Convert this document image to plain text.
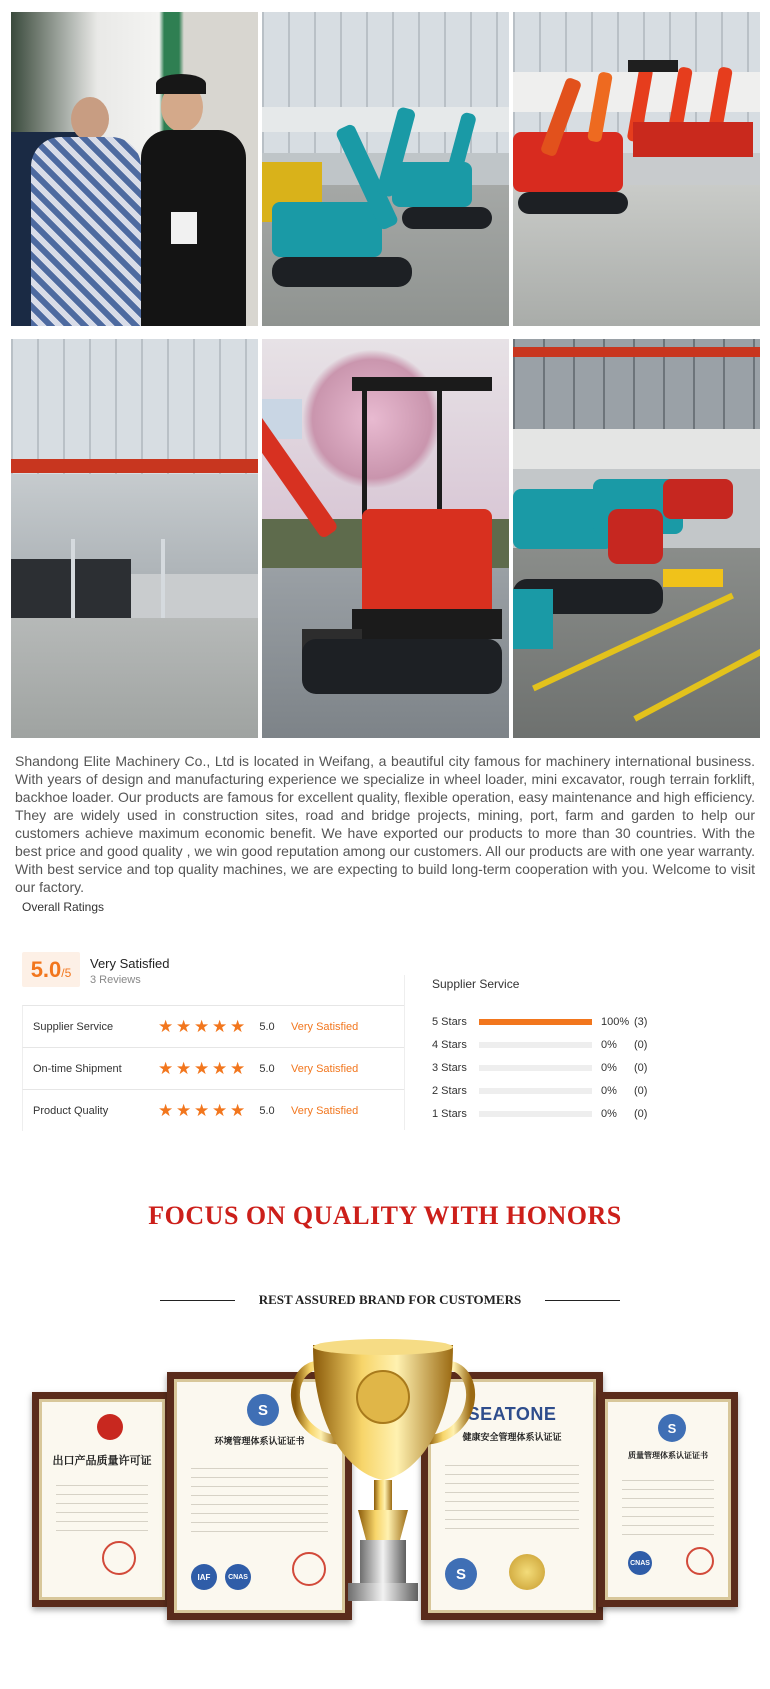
Shandong Elite Machinery Co., Ltd is located in Weifang, a beautiful city famous for machinery international business. With years of design and manufacturing experience we specialize in wheel loader, mini excavator, rough terrain forklift, backhoe loader. Our products are famous for excellent quality, flexible operation, easy maintenance and high efficiency. They are widely used in construction sites, road and bridge projects, mining, port, farm and garden to help our customers achieve maximum economic benefit. We have exported our products to more than 30 countries. With the best price and good quality , we win good reputation among our customers. All our products are with one year warranty. With best service and top quality machines, we are expecting to build long-term cooperation with you. Welcome to visit our factory.

Overall Ratings
5.0 /5
Very Satisfied
3 Reviews
Supplier Service	★ ★ ★ ★ ★	5.0	Very Satisfied
On-time Shipment	★ ★ ★ ★ ★	5.0	Very Satisfied
Product Quality	★ ★ ★ ★ ★	5.0	Very Satisfied
Supplier Service
5 Stars	100% (3)
4 Stars	0%	(0)
3 Stars	0%	(0)
2 Stars	0%	(0)
1 Stars	0%	(0)
FOCUS ON QUALITY WITH HONORS
REST ASSURED BRAND FOR CUSTOMERS
出口产品质量许可证
S
环境管理体系认证证书
IAF	CNAS
SEATONE
健康安全管理体系认证证
S
S
质量管理体系认证证书
CNAS
